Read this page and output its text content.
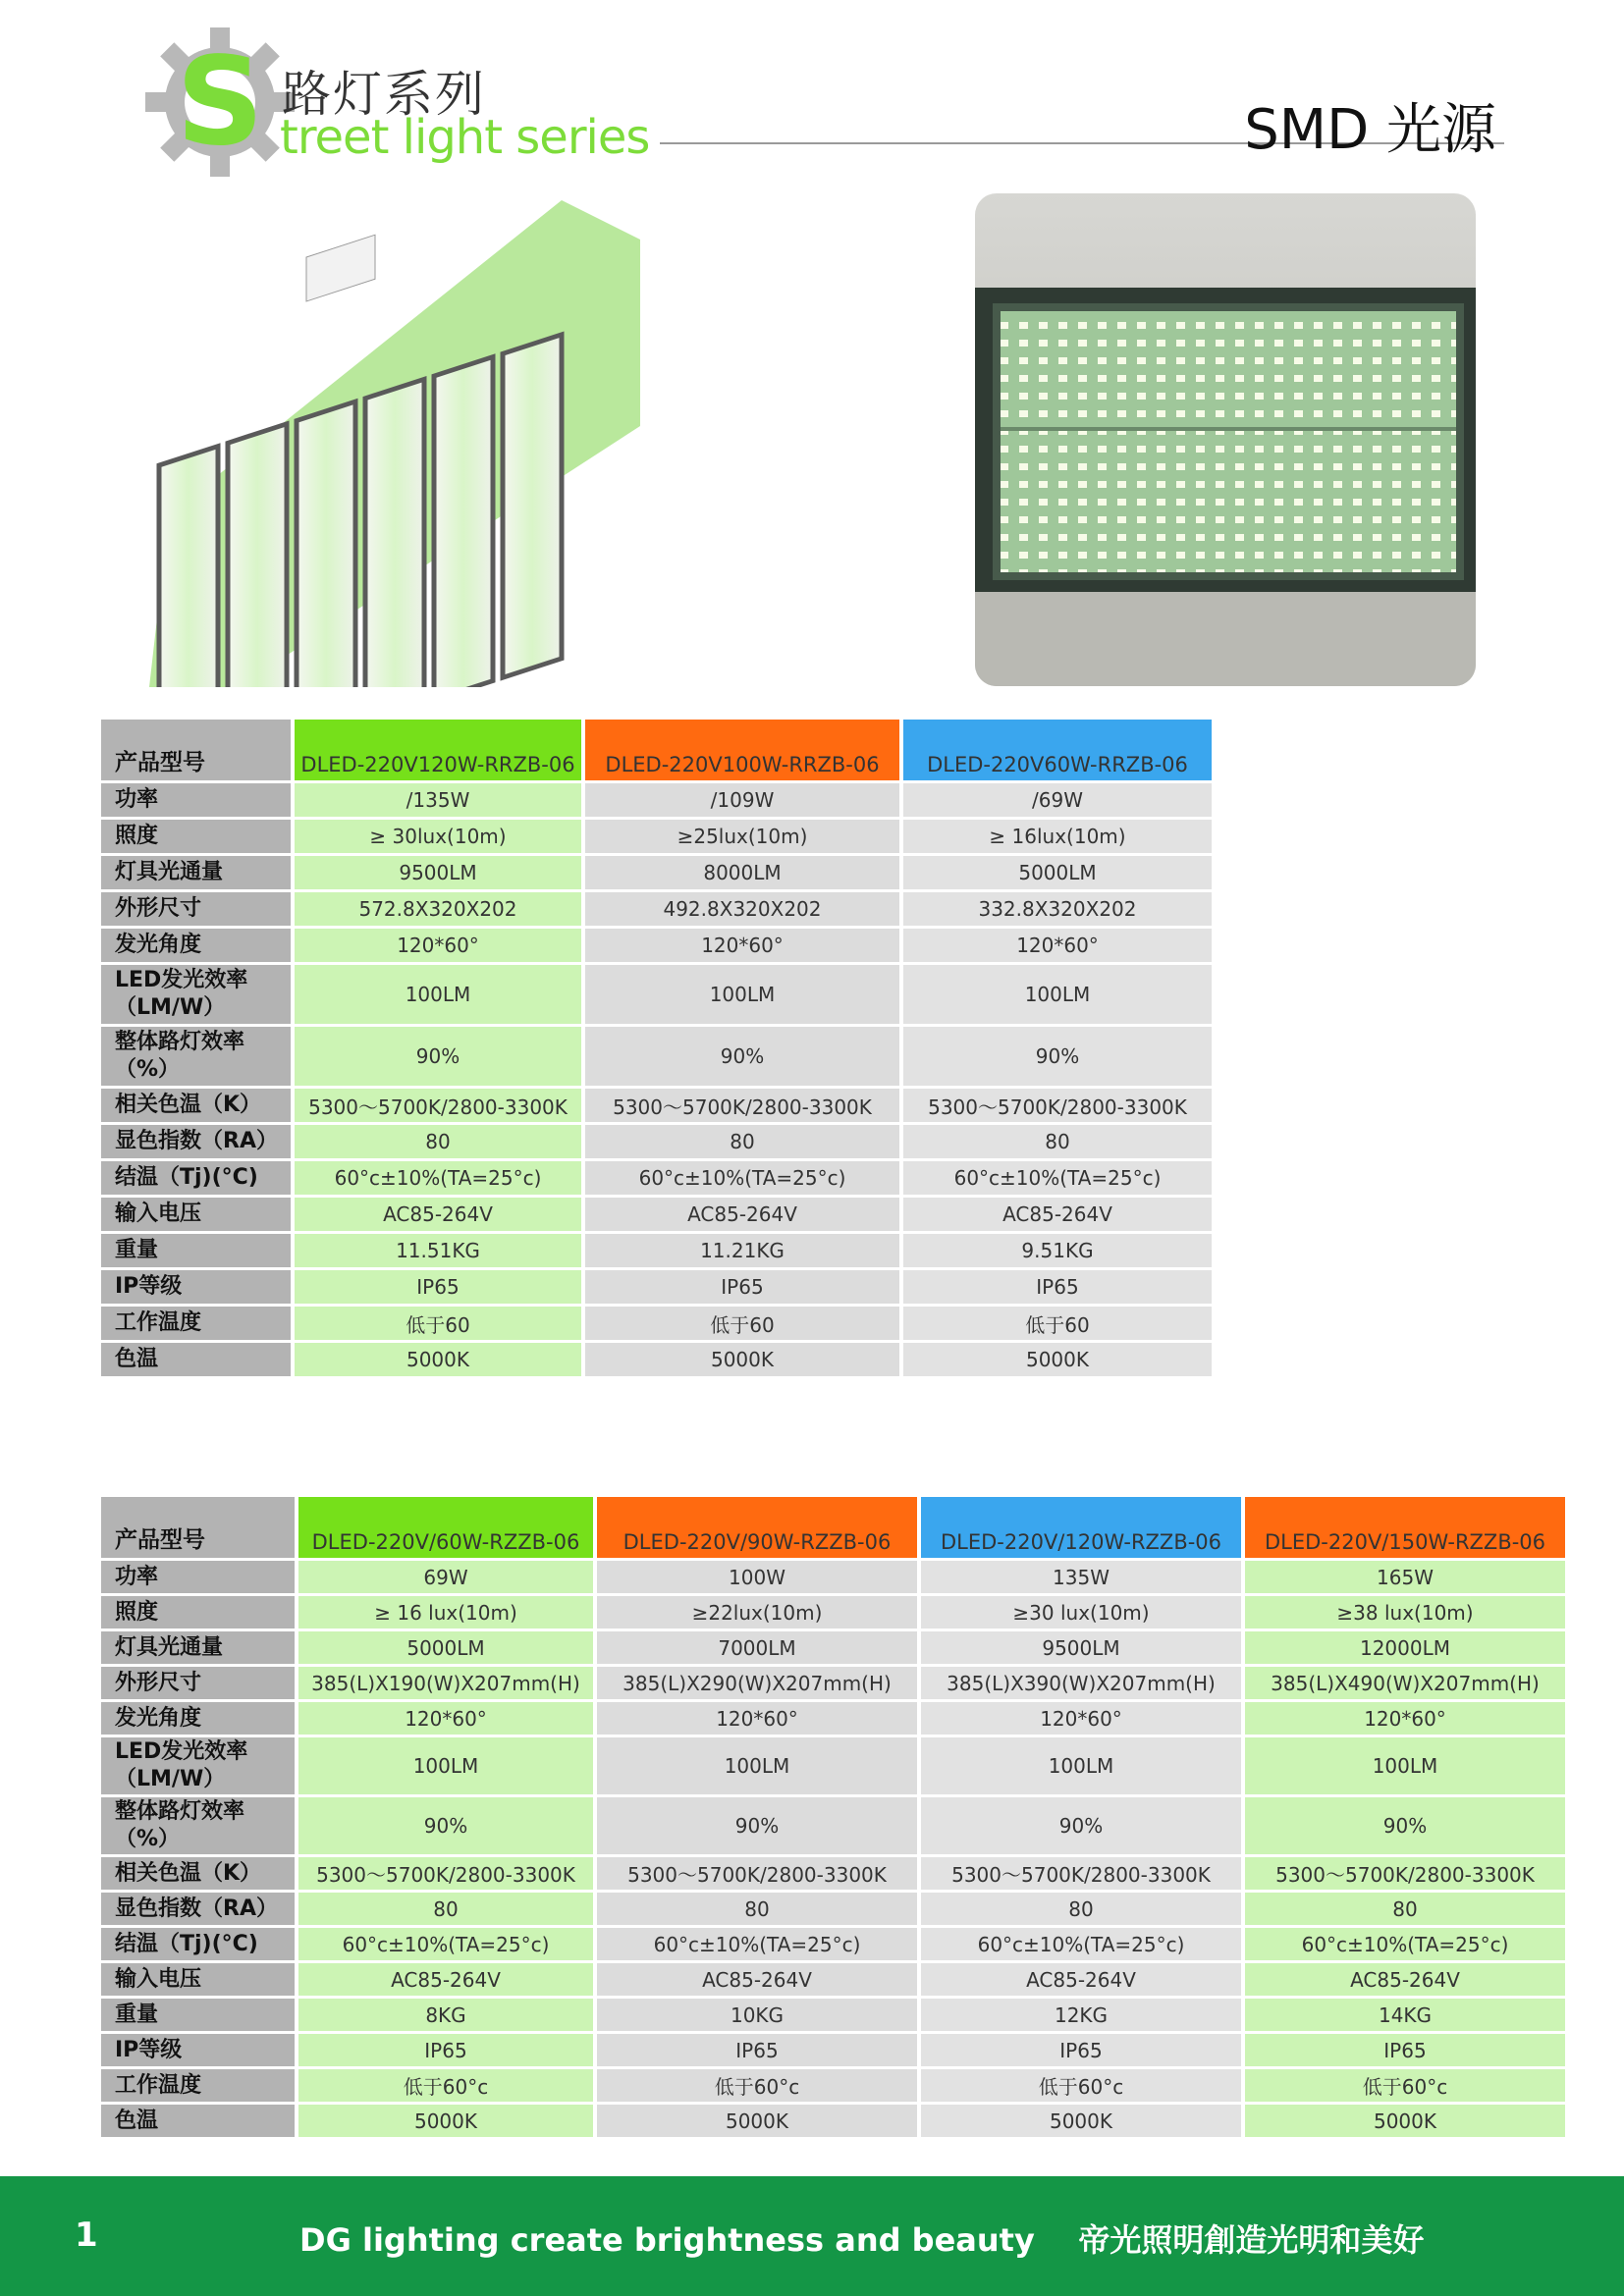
S 路灯系列
treet light series	SMD 光源
产品型号	DLED-220V120W-RRZB-06	DLED-220V100W-RRZB-06	DLED-220V60W-RRZB-06
功率	/135W	/109W	/69W
照度	≥ 30lux(10m)	≥25lux(10m)	≥ 16lux(10m)
灯具光通量	9500LM	8000LM	5000LM
外形尺寸	572.8X320X202	492.8X320X202	332.8X320X202
发光角度	120*60°	120*60°	120*60°
LED发光效率
（LM/W）	100LM	100LM	100LM
整体路灯效率
（%）	90%	90%	90%
相关色温（K）	5300～5700K/2800-3300K	5300～5700K/2800-3300K	5300～5700K/2800-3300K
显色指数（RA）	80	80	80
结温（Tj)(°C)	60°c±10%(TA=25°c)	60°c±10%(TA=25°c)	60°c±10%(TA=25°c)
输入电压	AC85-264V	AC85-264V	AC85-264V
重量	11.51KG	11.21KG	9.51KG
IP等级	IP65	IP65	IP65
工作温度	低于60	低于60	低于60
色温	5000K	5000K	5000K
产品型号	DLED-220V/60W-RZZB-06	DLED-220V/90W-RZZB-06	DLED-220V/120W-RZZB-06	DLED-220V/150W-RZZB-06
功率	69W	100W	135W	165W
照度	≥ 16 lux(10m)	≥22lux(10m)	≥30 lux(10m)	≥38 lux(10m)
灯具光通量	5000LM	7000LM	9500LM	12000LM
外形尺寸	385(L)X190(W)X207mm(H)	385(L)X290(W)X207mm(H)	385(L)X390(W)X207mm(H)	385(L)X490(W)X207mm(H)
发光角度	120*60°	120*60°	120*60°	120*60°
LED发光效率
（LM/W）	100LM	100LM	100LM	100LM
整体路灯效率
（%）	90%	90%	90%	90%
相关色温（K）	5300～5700K/2800-3300K	5300～5700K/2800-3300K	5300～5700K/2800-3300K	5300～5700K/2800-3300K
显色指数（RA）	80	80	80	80
结温（Tj)(°C)	60°c±10%(TA=25°c)	60°c±10%(TA=25°c)	60°c±10%(TA=25°c)	60°c±10%(TA=25°c)
输入电压	AC85-264V	AC85-264V	AC85-264V	AC85-264V
重量	8KG	10KG	12KG	14KG
IP等级	IP65	IP65	IP65	IP65
工作温度	低于60°c	低于60°c	低于60°c	低于60°c
色温	5000K	5000K	5000K	5000K
1	DG lighting create brightness and beauty    帝光照明創造光明和美好
